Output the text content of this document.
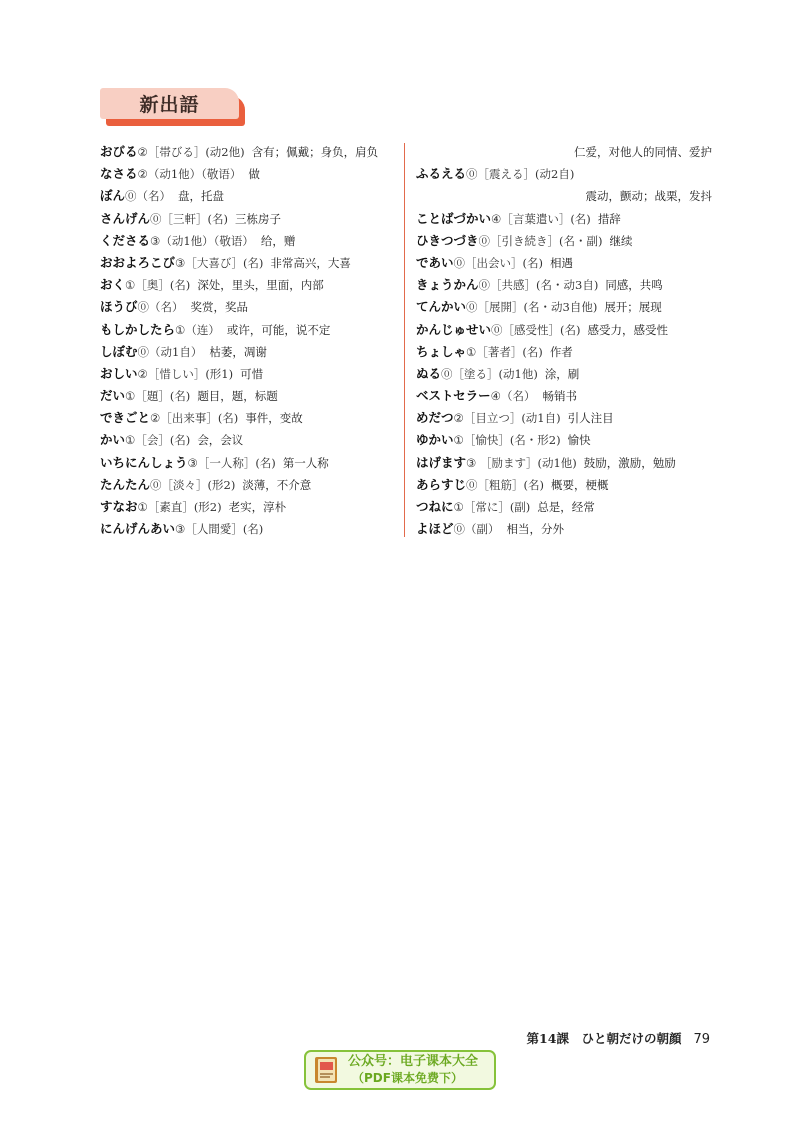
新出語
おびる②［帯びる］(动2他) 含有；佩戴；身负，肩负
なさる②（动1他）（敬语） 做
ぼん⓪（名） 盘，托盘
さんげん⓪［三軒］(名) 三栋房子
くださる③（动1他）（敬语） 给，赠
おおよろこび③［大喜び］(名) 非常高兴，大喜
おく①［奥］(名) 深处，里头，里面，内部
ほうび⓪（名） 奖赏，奖品
もしかしたら①（连） 或许，可能，说不定
しぼむ⓪（动1自） 枯萎，凋谢
おしい②［惜しい］(形1) 可惜
だい①［題］(名) 题目，题，标题
できごと②［出来事］(名) 事件，变故
かい①［会］(名) 会，会议
いちにんしょう③［一人称］(名) 第一人称
たんたん⓪［淡々］(形2) 淡薄，不介意
すなお①［素直］(形2) 老实，淳朴
にんげんあい③［人間愛］(名)
仁爱，对他人的同情、爱护
ふるえる⓪［震える］(动2自)
震动，颤动；战栗，发抖
ことばづかい④［言葉遣い］(名) 措辞
ひきつづき⓪［引き続き］(名・副) 继续
であい⓪［出会い］(名) 相遇
きょうかん⓪［共感］(名・动3自) 同感，共鸣
てんかい⓪［展開］(名・动3自他) 展开；展现
かんじゅせい⓪［感受性］(名) 感受力，感受性
ちょしゃ①［著者］(名) 作者
ぬる⓪［塗る］(动1他) 涂，刷
ベストセラー④（名） 畅销书
めだつ②［目立つ］(动1自) 引人注目
ゆかい①［愉快］(名・形2) 愉快
はげます③ ［励ます］(动1他) 鼓励，激励，勉励
あらすじ⓪［粗筋］(名) 概要，梗概
つねに①［常に］(副) 总是，经常
よほど⓪（副） 相当，分外
第14課　ひと朝だけの朝顔 79
公众号：电子课本大全
（PDF课本免费下）
